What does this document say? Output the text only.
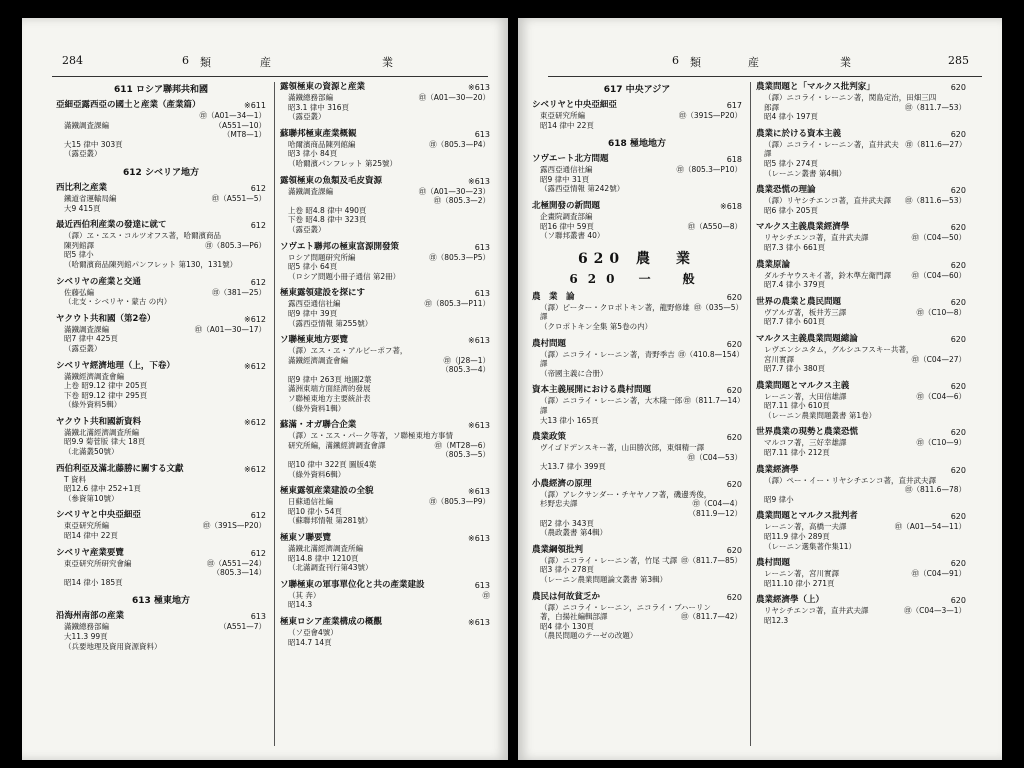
284	6 類	産	業
611 ロシア聯邦共和國
亞細亞露西亞の國土と産業（產業篇）	※611
㊞（A01—34—1）
滿鐵調査課編	（A551—10）
（MT8—1）
大15 律中 303頁
（露亞叢）
612 シベリア地方
西比利之産業	612
鐵道省運輸局編	㊞（A551—5）
大9 415頁
最近西伯利産業の發達に就て	612
（譯）ヱ・ヱス・コルツオフス著，哈爾濱商品
陳列館譯	㊞（805.3—P6）
昭5 律小
（哈爾濱商品陳列館パンフレット 第130，131號）
シベリヤの産業と交通	612
佐藤弘編	㊞（381—25）
（北支・シベリヤ・蒙古 の内）
ヤクウト共和國（第2卷）	※612
滿鐵調査課編	㊞（A01—30—17）
昭7 律中 425頁
（露亞叢）
シベリヤ經濟地理（上，下卷）	※612
滿鐵經濟調査會編
上卷 昭9.12 律中 205頁
下卷 昭9.12 律中 295頁
（綠外資料5輯）
ヤクウト共和國新資料	※612
滿鐵北滿經濟調査所編
昭9.9 菊菅版 律大 18頁
（北滿叢50號）
西伯利亞及滿北藤勝に關する文獻	※612
T 資料
昭12.6 律中 252+1頁
（參資第10號）
シベリヤと中央亞細亞	612
東亞研究所編	㊞（391S—P20）
昭14 律中 22頁
シベリヤ産業要覽	612
東亞研究所研究會編	㊞（A551—24）
（805.3—14）
昭14 律小 185頁
613 極東地方
沿海州南部の産業	613
滿鐵總務部編	（A551—7）
大11.3 99頁
（兵要地理及資用資源資料）
露領極東の資源と産業	※613
滿鐵總務部編	㊞（A01—30—20）
昭3.1 律中 316頁
（露亞叢）
蘇聯邦極東產業概観	613
哈爾濱商品陳列館編	㊞（805.3—P4）
昭3 律小 84頁
（哈爾濱パンフレット 第25號）
露領極東の魚類及毛皮資源	※613
滿鐵調査課編	㊞（A01—30—23）
㊞（805.3—2）
上卷 昭4.8 律中 490頁
下卷 昭4.8 律中 323頁
（露亞叢）
ソヴエト聯邦の極東富源開發策	613
ロシア問題研究所編	㊞（805.3—P5）
昭5 律小 64頁
（ロシア問題小冊子通信 第2冊）
極東露領建設を探にす	613
露西亞通信社編	㊞（805.3—P11）
昭9 律中 39頁
（露西亞情報 第255號）
ソ聯極東地方要覽	※613
（譯）ヱス・ヱ・アルビーポフ著，
滿鐵經濟調査會編	㊞（J28—1）
（805.3—4）
昭9 律中 263頁 地圖2葉
滿洲東端方面経濟的發展
ソ聯極東地方主要統計表
（綠外資料1輯）
蘇滿・オガ聯合企業	※613
（譯）ヱ・ヱス・パーク等著，ソ聯極東地方事情
研究所編，滿鐵經濟調査會譯	㊞（MT28—6）
（805.3—5）
昭10 律中 322頁 圖版4葉
（綠外資料6輯）
極東露領産業建設の全貌	※613
日蘇通信社編	㊞（805.3—P9）
昭10 律小 54頁
（蘇聯邦情報 第281號）
極東ソ聯要覽	※613
滿鐵北滿經濟調査所編
昭14.8 律中 1210頁
（北滿調査刊行第43號）
ソ聯極東の軍事單位化と共の產業建設	613
（其 奔）	㊞
昭14.3
極東ロシア產業構成の概觀	※613
（ソ亞會4號）
昭14.7 14頁
6 類	産	業	285
617 中央アジア
シベリヤと中央亞細亞	617
東亞研究所編	㊞（391S—P20）
昭14 律中 22頁
618 極地地方
ソヴエート北方問題	618
露西亞通信社編	㊞（805.3—P10）
昭9 律中 31頁
（露西亞情報 第242號）
北極開發の新問題	※618
企畫院調査部編
昭16 律中 59頁	㊞（A550—8）
（ソ聯邦叢書 40）
620 農　業
620 一　般
農　業　論	620
（譯）ピーター・クロポトキン著，龍野修雄譯
㊞（035—5）
（クロポトキン全集 第5卷の内）
農村問題	620
（譯）ニコライ・レーニン著，青野季吉譯
㊞（410.8—154）
（帝國主義に合册）
資本主義展開における農村問題	620
（譯）ニコライ・レーニン著，大木隆一郎譯
㊞（811.7—14）
大13 律小 165頁
農業政策	620
ヴイゴドデンスキー著，山田勝次郎，東畑精一譯
㊞（C04—53）
大13.7 律小 399頁
小農經濟の原理	620
（譯）アレクサンダー・チヤヤノフ著，磯邊秀俊，
杉野忠夫譯	㊞（C04—4）
（811.9—12）
昭2 律小 343頁
（農政叢書 第4輯）
農業綱領批判	620
（譯）ニコライ・レーニン著，竹尾 弌譯 ㊞（811.7—85）
昭3 律小 278頁
（レーニン農業問題論文叢書 第3輯）
農民は何故貧乏か	620
（譯）ニコライ・レーニン，ニコライ・ブハーリン
著，白揚社編輯部譯	㊞（811.7—42）
昭4 律小 130頁
（農民問題のテーゼの改題）
農業問題と「マルクス批判家」	620
（譯）ニコライ・レーニン著，関島定治，田畑三四
郎譯	㊞（811.7—53）
昭4 律小 197頁
農業に於ける資本主義	620
（譯）ニコライ・レーニン著，直井武夫譯
㊞（811.6—27）
昭5 律小 274頁
（レーニン叢書 第4輯）
農業恐慌の理論	620
（譯）リヤシチエンコ著，直井武夫譯 ㊞（811.6—53）
昭6 律小 205頁
マルクス主義農業經濟學	620
リヤシチエンコ著，直井武夫譯	㊞（C04—50）
昭7.3 律小 661頁
農業原論	620
ダルチヤウスキイ著，鈴木準左衛門譯	㊞（C04—60）
昭7.4 律小 379頁
世界の農業と農民問題	620
ヴアルガ著，板井芳三譯	㊞（C10—8）
昭7.7 律小 601頁
マルクス主義農業問題總論	620
レヴエンシユタム，グルシユフスキー共著，
宮川實譯	㊞（C04—27）
昭7.7 律小 380頁
農業問題とマルクス主義	620
レーニン著，大田信雄譯	㊞（C04—6）
昭7.11 律小 610頁
（レーニン農業問題叢書 第1卷）
世界農業の現勢と農業恐慌	620
マルコフ著，三好幸雄譯	㊞（C10—9）
昭7.11 律小 212頁
農業經濟學	620
（譯）ペー・イー・リヤシチエンコ著，直井武夫譯
㊞（811.6—78）
昭9 律小
農業問題とマルクス批判者	620
レーニン著，高橋一夫譯	㊞（A01—54—11）
昭11.9 律小 289頁
（レーニン選集著作集11）
農村問題	620
レーニン著，宮川實譯	㊞（C04—91）
昭11.10 律小 271頁
農業經濟學（上）	620
リヤシチエンコ著，直井武夫譯	㊞（C04—3—1）
昭12.3
